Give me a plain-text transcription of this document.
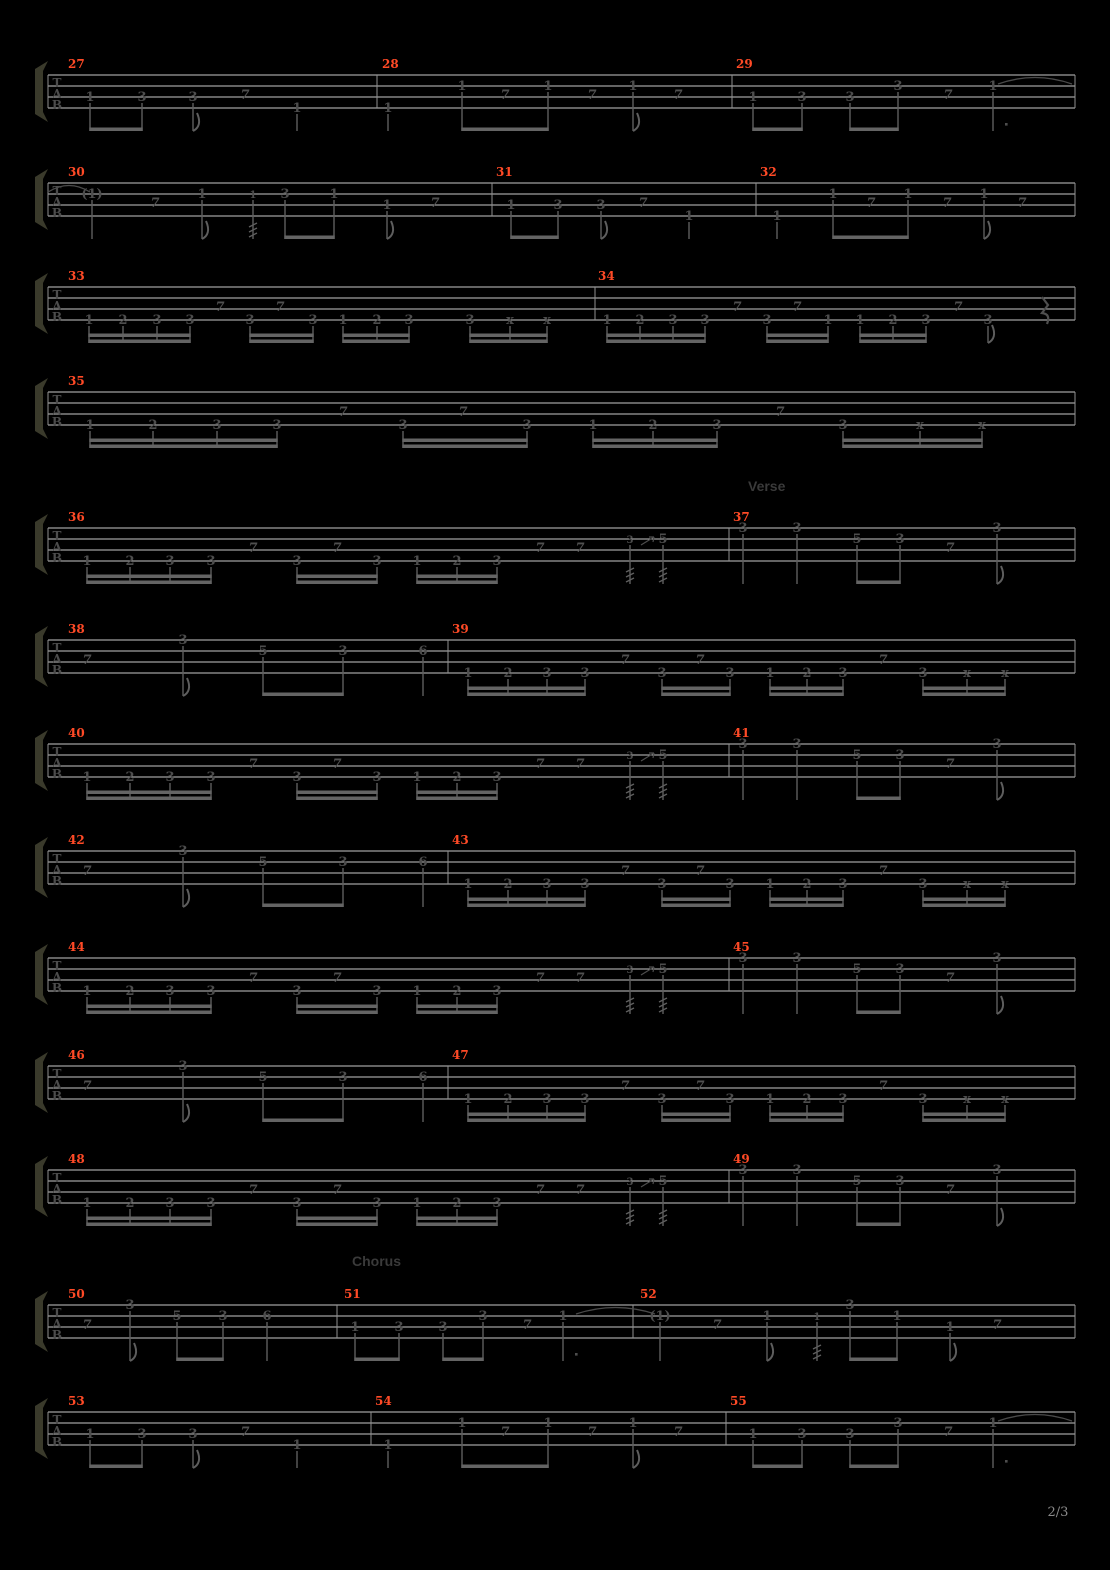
T
A
B
27	28	29
1	3	3	7
1	1
1
7
1
7
1
7	1	3	3
3
7
1
T
A
B
30	31	32
(1)
7
1	1 3	1
1	7	1	3	3	7
1	1
1
7
1
7
1
7
T
A
B
33	34
1 2 3 3
7
3
7
3 1 2 3	3 x x	1 2 3 3
7
3
7
1 1 2 3
7
3
T
A
B
35
1	2	3	3
7
3
7
3	1	2	3
7
3	x	x
T
A
B
36	37
1	2 3 3
7
3
7
3 1 2 3
7 7
3 5
3	3
5	3
7
3
T
A
B
38	39
7
3
5	3	6
1 2 3 3
7
3
7
3 1 2 3
7
3	x x
T
A
B
40	41
1	2 3 3
7
3
7
3 1 2 3
7 7
3 5
3	3
5	3
7
3
T
A
B
42	43
7
3
5	3	6
1 2 3 3
7
3
7
3 1 2 3
7
3	x x
T
A
B
44	45
1	2 3 3
7
3
7
3 1 2 3
7 7
3 5
3	3
5	3
7
3
T
A
B
46	47
7
3
5	3	6
1 2 3 3
7
3
7
3 1 2 3
7
3	x x
T
A
B
48	49
1	2 3 3
7
3
7
3 1 2 3
7 7
3 5
3	3
5	3
7
3
T
A
B
50	51	52
7
3
5	3	6
1	3	3
3
7
1	(1)
7
1	1
3
1
1	7
T
A
B
53	54	55
1	3	3	7
1	1
1
7
1
7
1
7	1	3	3
3
7
1
Verse
Chorus
2/3
